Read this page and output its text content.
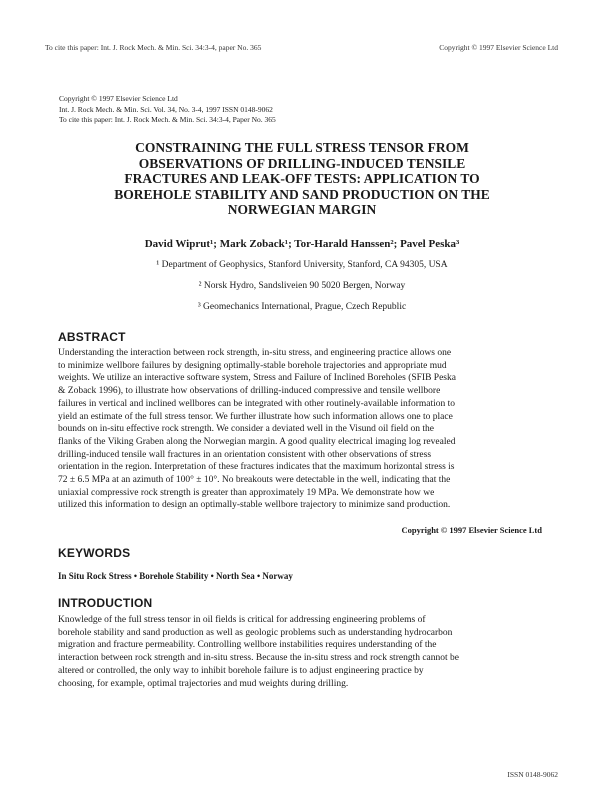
To cite this paper: Int. J. Rock Mech. & Min. Sci. 34:3-4, paper No. 365	Copyright © 1997 Elsevier Science Ltd
Copyright © 1997 Elsevier Science Ltd
Int. J. Rock Mech. & Min. Sci. Vol. 34, No. 3-4, 1997 ISSN 0148-9062
To cite this paper: Int. J. Rock Mech. & Min. Sci. 34:3-4, Paper No. 365
CONSTRAINING THE FULL STRESS TENSOR FROM
OBSERVATIONS OF DRILLING-INDUCED TENSILE
FRACTURES AND LEAK-OFF TESTS: APPLICATION TO
BOREHOLE STABILITY AND SAND PRODUCTION ON THE
NORWEGIAN MARGIN
David Wiprut¹; Mark Zoback¹; Tor-Harald Hanssen²; Pavel Peska³
¹ Department of Geophysics, Stanford University, Stanford, CA 94305, USA
² Norsk Hydro, Sandsliveien 90 5020 Bergen, Norway
³ Geomechanics International, Prague, Czech Republic
ABSTRACT
Understanding the interaction between rock strength, in-situ stress, and engineering practice allows one
to minimize wellbore failures by designing optimally-stable borehole trajectories and appropriate mud
weights. We utilize an interactive software system, Stress and Failure of Inclined Boreholes (SFIB Peska
& Zoback 1996), to illustrate how observations of drilling-induced compressive and tensile wellbore
failures in vertical and inclined wellbores can be integrated with other routinely-available information to
yield an estimate of the full stress tensor. We further illustrate how such information allows one to place
bounds on in-situ effective rock strength. We consider a deviated well in the Visund oil field on the
flanks of the Viking Graben along the Norwegian margin. A good quality electrical imaging log revealed
drilling-induced tensile wall fractures in an orientation consistent with other observations of stress
orientation in the region. Interpretation of these fractures indicates that the maximum horizontal stress is
72 ± 6.5 MPa at an azimuth of 100° ± 10°. No breakouts were detectable in the well, indicating that the
uniaxial compressive rock strength is greater than approximately 19 MPa. We demonstrate how we
utilized this information to design an optimally-stable wellbore trajectory to minimize sand production.
Copyright © 1997 Elsevier Science Ltd
KEYWORDS
In Situ Rock Stress • Borehole Stability • North Sea • Norway
INTRODUCTION
Knowledge of the full stress tensor in oil fields is critical for addressing engineering problems of
borehole stability and sand production as well as geologic problems such as understanding hydrocarbon
migration and fracture permeability. Controlling wellbore instabilities requires understanding of the
interaction between rock strength and in-situ stress. Because the in-situ stress and rock strength cannot be
altered or controlled, the only way to inhibit borehole failure is to adjust engineering practice by
choosing, for example, optimal trajectories and mud weights during drilling.
ISSN 0148-9062
